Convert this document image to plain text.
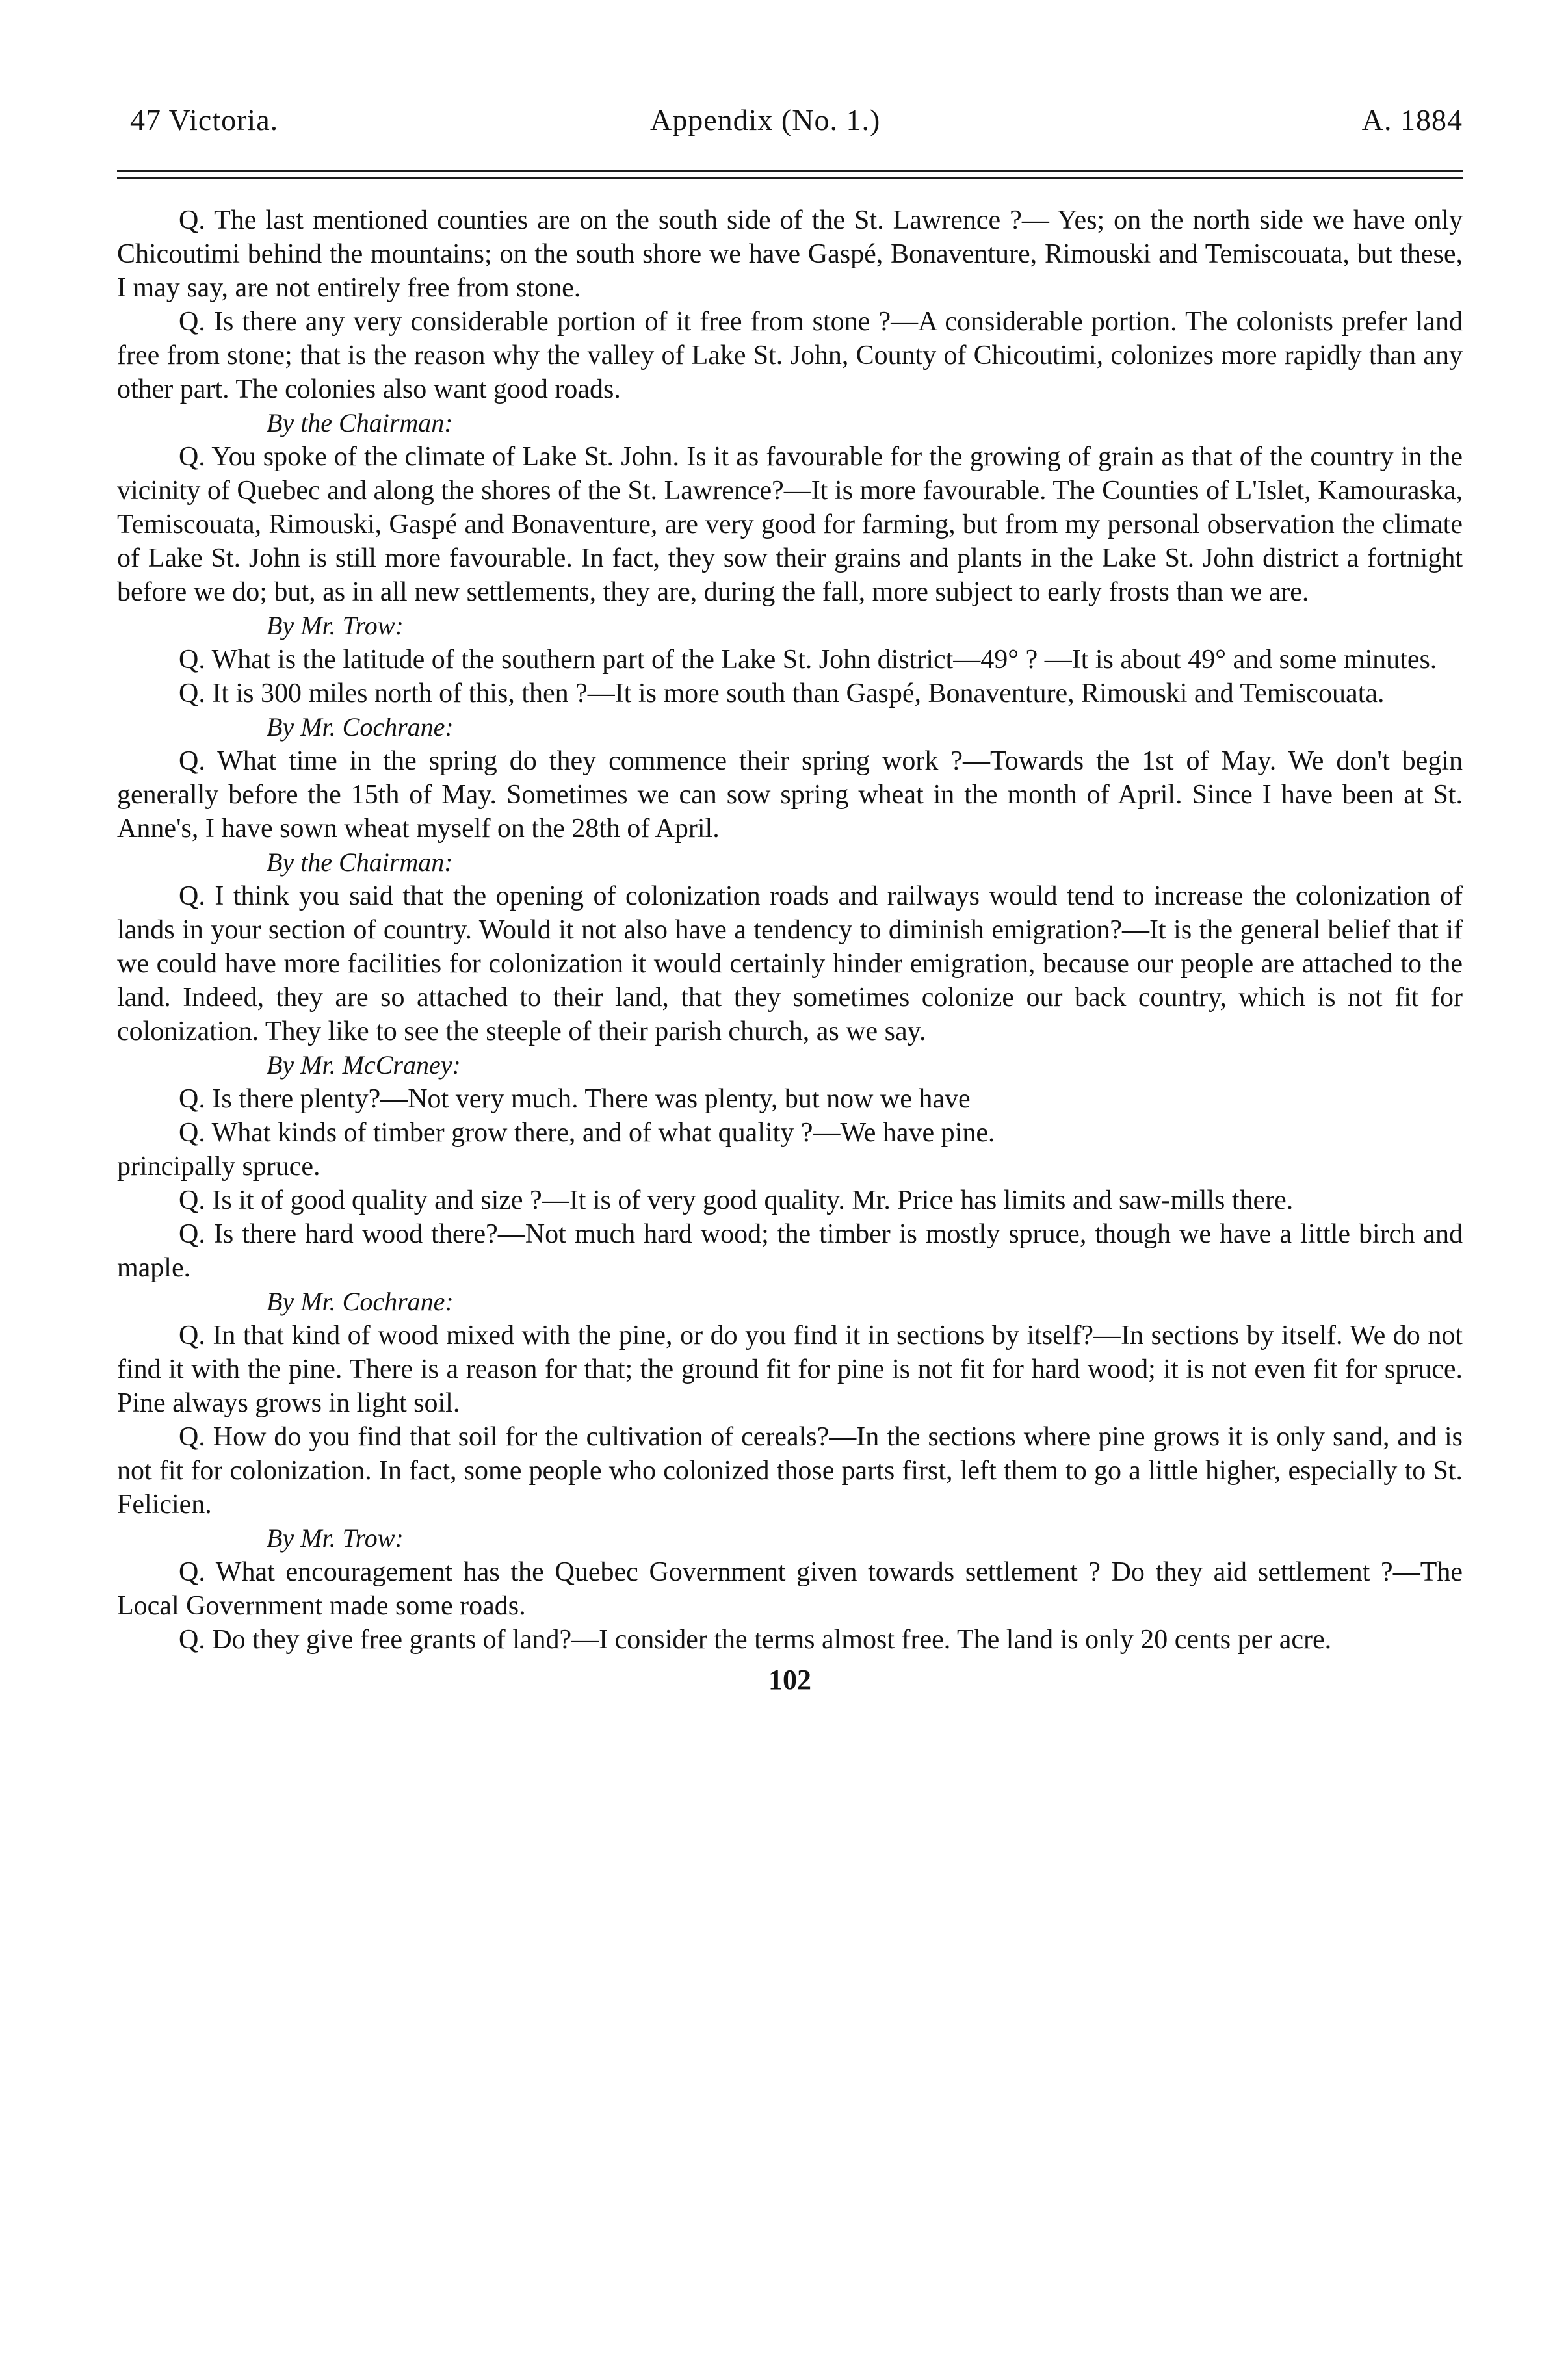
47 Victoria.	Appendix (No. 1.)	A. 1884

Q. The last mentioned counties are on the south side of the St. Lawrence ?— Yes; on the north side we have only Chicoutimi behind the mountains; on the south shore we have Gaspé, Bonaventure, Rimouski and Temiscouata, but these, I may say, are not entirely free from stone.

Q. Is there any very considerable portion of it free from stone ?—A considerable portion. The colonists prefer land free from stone; that is the reason why the valley of Lake St. John, County of Chicoutimi, colonizes more rapidly than any other part. The colonies also want good roads.

By the Chairman:

Q. You spoke of the climate of Lake St. John. Is it as favourable for the growing of grain as that of the country in the vicinity of Quebec and along the shores of the St. Lawrence?—It is more favourable. The Counties of L'Islet, Kamouraska, Temiscouata, Rimouski, Gaspé and Bonaventure, are very good for farming, but from my personal observation the climate of Lake St. John is still more favourable. In fact, they sow their grains and plants in the Lake St. John district a fortnight before we do; but, as in all new settlements, they are, during the fall, more subject to early frosts than we are.

By Mr. Trow:

Q. What is the latitude of the southern part of the Lake St. John district—49° ? —It is about 49° and some minutes.

Q. It is 300 miles north of this, then ?—It is more south than Gaspé, Bonaventure, Rimouski and Temiscouata.

By Mr. Cochrane:

Q. What time in the spring do they commence their spring work ?—Towards the 1st of May. We don't begin generally before the 15th of May. Sometimes we can sow spring wheat in the month of April. Since I have been at St. Anne's, I have sown wheat myself on the 28th of April.

By the Chairman:

Q. I think you said that the opening of colonization roads and railways would tend to increase the colonization of lands in your section of country. Would it not also have a tendency to diminish emigration?—It is the general belief that if we could have more facilities for colonization it would certainly hinder emigration, because our people are attached to the land. Indeed, they are so attached to their land, that they sometimes colonize our back country, which is not fit for colonization. They like to see the steeple of their parish church, as we say.

By Mr. McCraney:

Q. Is there plenty?—Not very much. There was plenty, but now we have

Q. What kinds of timber grow there, and of what quality ?—We have pine.

principally spruce.

Q. Is it of good quality and size ?—It is of very good quality. Mr. Price has limits and saw-mills there.

Q. Is there hard wood there?—Not much hard wood; the timber is mostly spruce, though we have a little birch and maple.

By Mr. Cochrane:

Q. In that kind of wood mixed with the pine, or do you find it in sections by itself?—In sections by itself. We do not find it with the pine. There is a reason for that; the ground fit for pine is not fit for hard wood; it is not even fit for spruce. Pine always grows in light soil.

Q. How do you find that soil for the cultivation of cereals?—In the sections where pine grows it is only sand, and is not fit for colonization. In fact, some people who colonized those parts first, left them to go a little higher, especially to St. Felicien.

By Mr. Trow:

Q. What encouragement has the Quebec Government given towards settlement ? Do they aid settlement ?—The Local Government made some roads.

Q. Do they give free grants of land?—I consider the terms almost free. The land is only 20 cents per acre.

102
